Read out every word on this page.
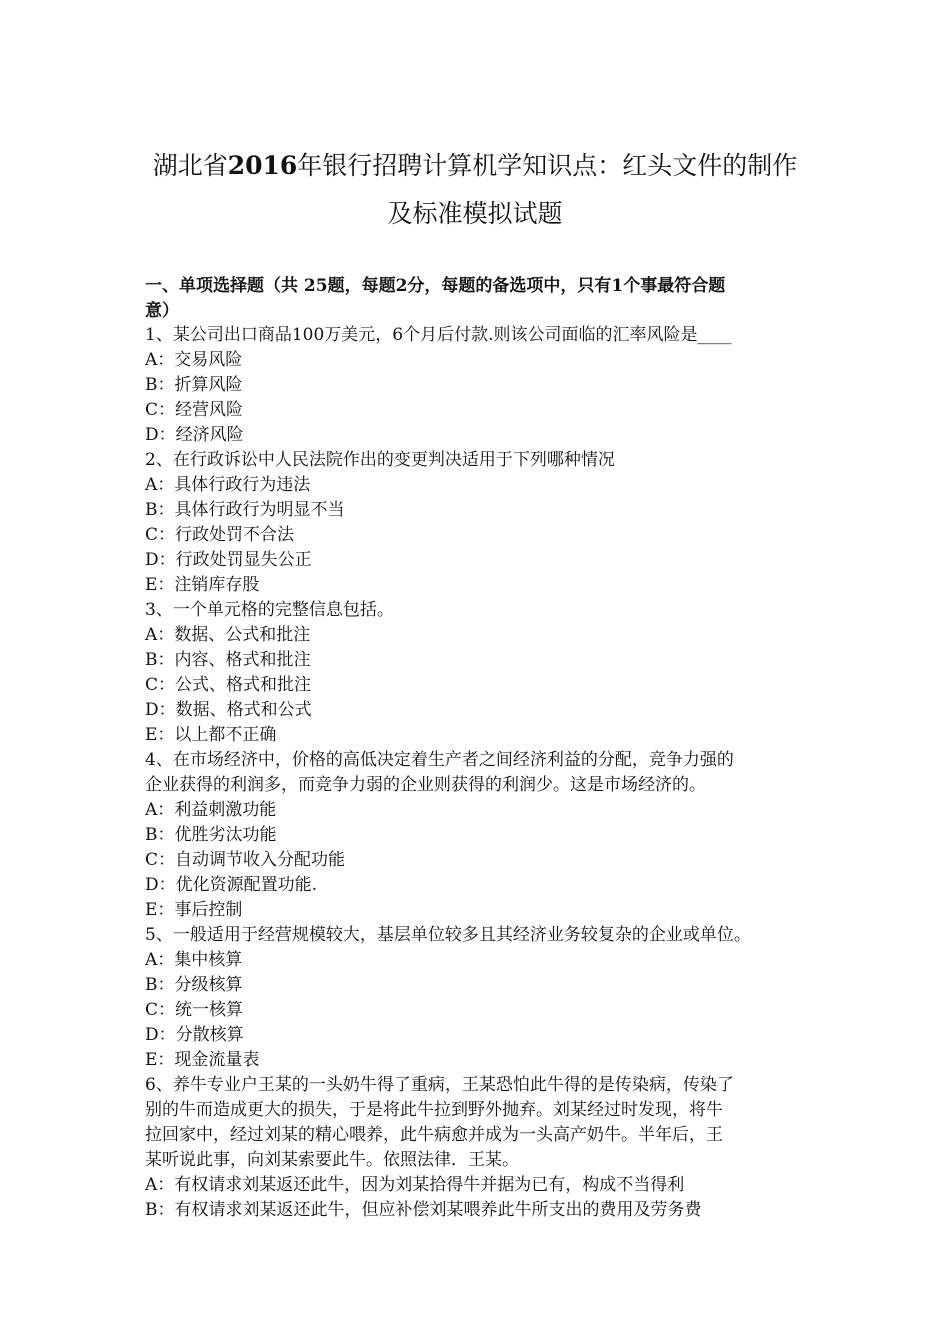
湖北省2016年银行招聘计算机学知识点：红头文件的制作
及标准模拟试题
一、单项选择题（共 25题，每题2分，每题的备选项中，只有1个事最符合题
意）
1、某公司出口商品100万美元，6个月后付款.则该公司面临的汇率风险是____
A：交易风险
B：折算风险
C：经营风险
D：经济风险
2、在行政诉讼中人民法院作出的变更判决适用于下列哪种情况
A：具体行政行为违法
B：具体行政行为明显不当
C：行政处罚不合法
D：行政处罚显失公正
E：注销库存股
3、一个单元格的完整信息包括。
A：数据、公式和批注
B：内容、格式和批注
C：公式、格式和批注
D：数据、格式和公式
E：以上都不正确
4、在市场经济中，价格的高低决定着生产者之间经济利益的分配，竞争力强的
企业获得的利润多，而竞争力弱的企业则获得的利润少。这是市场经济的。
A：利益刺激功能
B：优胜劣汰功能
C：自动调节收入分配功能
D：优化资源配置功能.
E：事后控制
5、一般适用于经营规模较大，基层单位较多且其经济业务较复杂的企业或单位。
A：集中核算
B：分级核算
C：统一核算
D：分散核算
E：现金流量表
6、养牛专业户王某的一头奶牛得了重病，王某恐怕此牛得的是传染病，传染了
别的牛而造成更大的损失，于是将此牛拉到野外抛弃。刘某经过时发现，将牛
拉回家中，经过刘某的精心喂养，此牛病愈并成为一头高产奶牛。半年后，王
某听说此事，向刘某索要此牛。依照法律．王某。
A：有权请求刘某返还此牛，因为刘某拾得牛并据为已有，构成不当得利
B：有权请求刘某返还此牛，但应补偿刘某喂养此牛所支出的费用及劳务费
